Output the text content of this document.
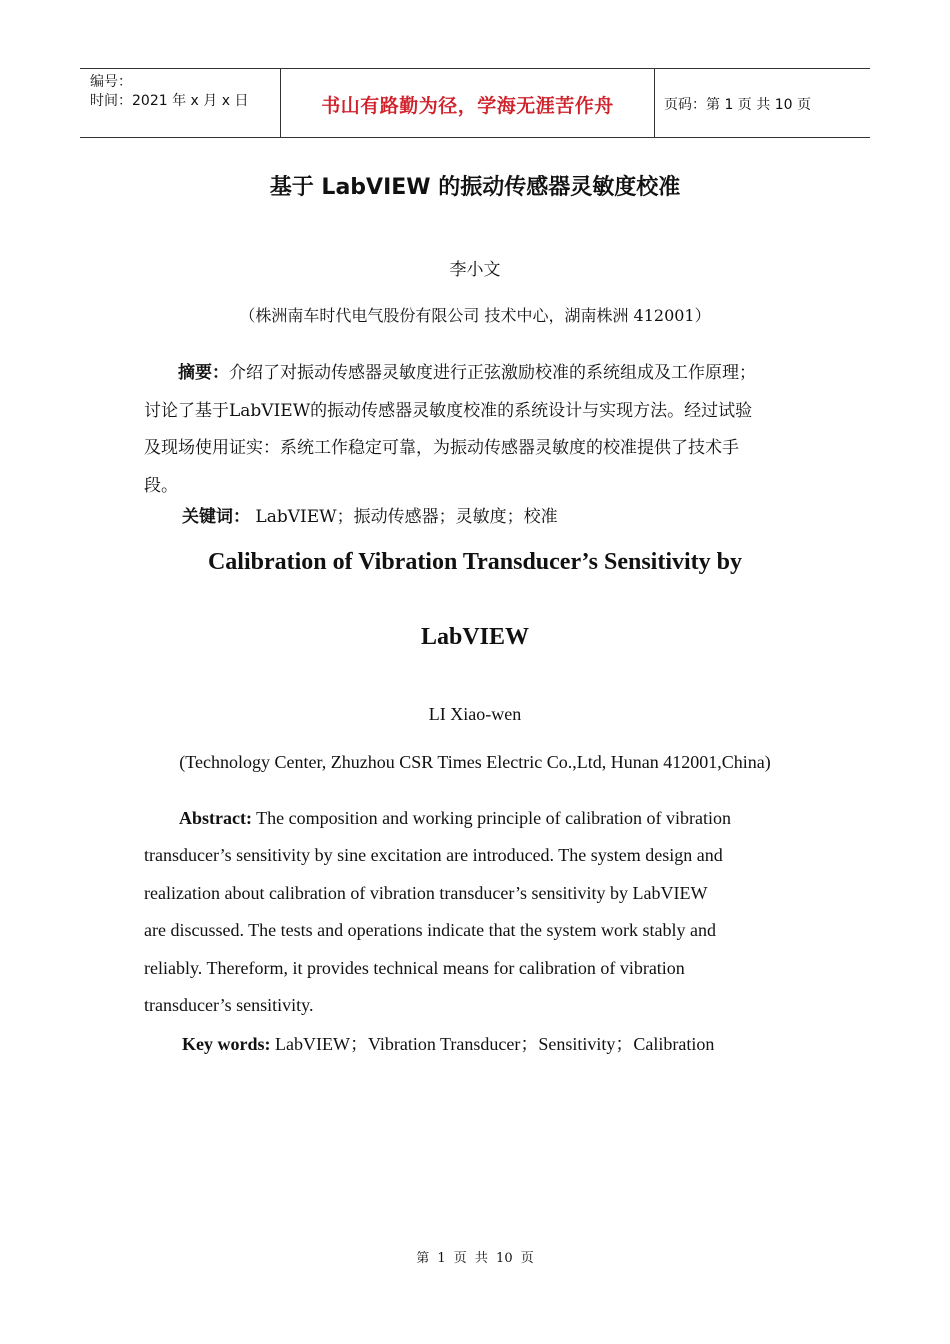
编号：
时间：2021 年 x 月 x 日	书山有路勤为径，学海无涯苦作舟	页码：第 1 页 共 10 页
基于 LabVIEW 的振动传感器灵敏度校准
李小文
（株洲南车时代电气股份有限公司 技术中心，湖南株洲 412001）
摘要：介绍了对振动传感器灵敏度进行正弦激励校准的系统组成及工作原理；讨论了基于LabVIEW的振动传感器灵敏度校准的系统设计与实现方法。经过试验及现场使用证实：系统工作稳定可靠，为振动传感器灵敏度的校准提供了技术手段。
关键词： LabVIEW；振动传感器；灵敏度；校准
Calibration of Vibration Transducer’s Sensitivity by
LabVIEW
LI Xiao-wen
(Technology Center, Zhuzhou CSR Times Electric Co.,Ltd, Hunan 412001,China)
Abstract: The composition and working principle of calibration of vibration
transducer’s sensitivity by sine excitation are introduced. The system design and
realization about calibration of vibration transducer’s sensitivity by LabVIEW
are discussed. The tests and operations indicate that the system work stably and
reliably. Thereform, it provides technical means for calibration of vibration
transducer’s sensitivity.
Key words: LabVIEW；Vibration Transducer；Sensitivity；Calibration
第 1 页 共 10 页
